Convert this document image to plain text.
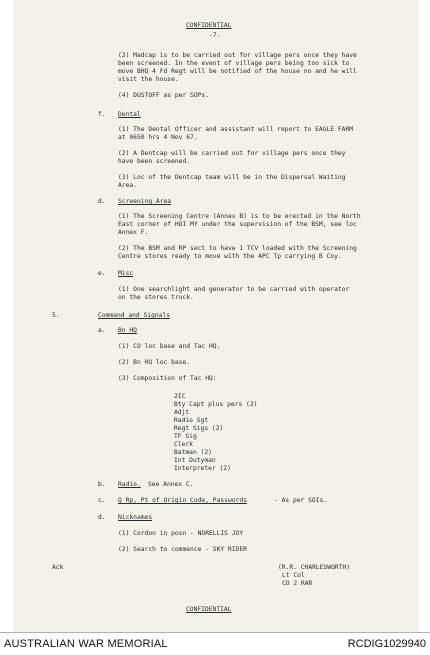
CONFIDENTIAL
-7-
(3) Madcap is to be carried out for village pers once they have
been screened. In the event of village pers being too sick to
move BHQ 4 Fd Regt will be notified of the house no and he will
visit the house.
(4) DUSTOFF as per SOPs.
f. Dental
(1) The Dental Officer and assistant will report to EAGLE FARM
at 0650 hrs 4 Nov 67.
(2) A Dentcap will be carried out for village pers once they
have been screened.
(3) Loc of the Dentcap team will be in the Dispersal Waiting
Area.
d. Screening Area
(1) The Screening Centre (Annex B) is to be erected in the North
East corner of HOI MY under the supervision of the BSM, see loc
Annex F.
(2) The BSM and RP sect to have 1 TCV loaded with the Screening
Centre stores ready to move with the APC Tp carrying B Coy.
e. Misc
(1) One searchlight and generator to be carried with operator
on the stores truck.
5.	Command and Signals
a. Bn HQ
(1) CO loc base and Tac HQ.
(2) Bn HQ loc base.
(3) Composition of Tac HQ:
2IC
Bty Capt plus pers (2)
Adjt
Radio Sgt
Regt Sigs (2)
TF Sig
Clerk
Batman (2)
Int Dutyman
Interpreter (2)
b. Radio. See Annex C.
c. Q Rp, Pt of Origin Code, Passwords	- As per SOIs.
d. Nicknames
(1) Cordon in posn - NORELLIS JOY
(2) Search to commence - SKY RIDER
Ack	(R.R. CHARLESWORTH)
Lt Col
CO 2 RAR
CONFIDENTIAL
AUSTRALIAN WAR MEMORIAL	RCDIG1029940
